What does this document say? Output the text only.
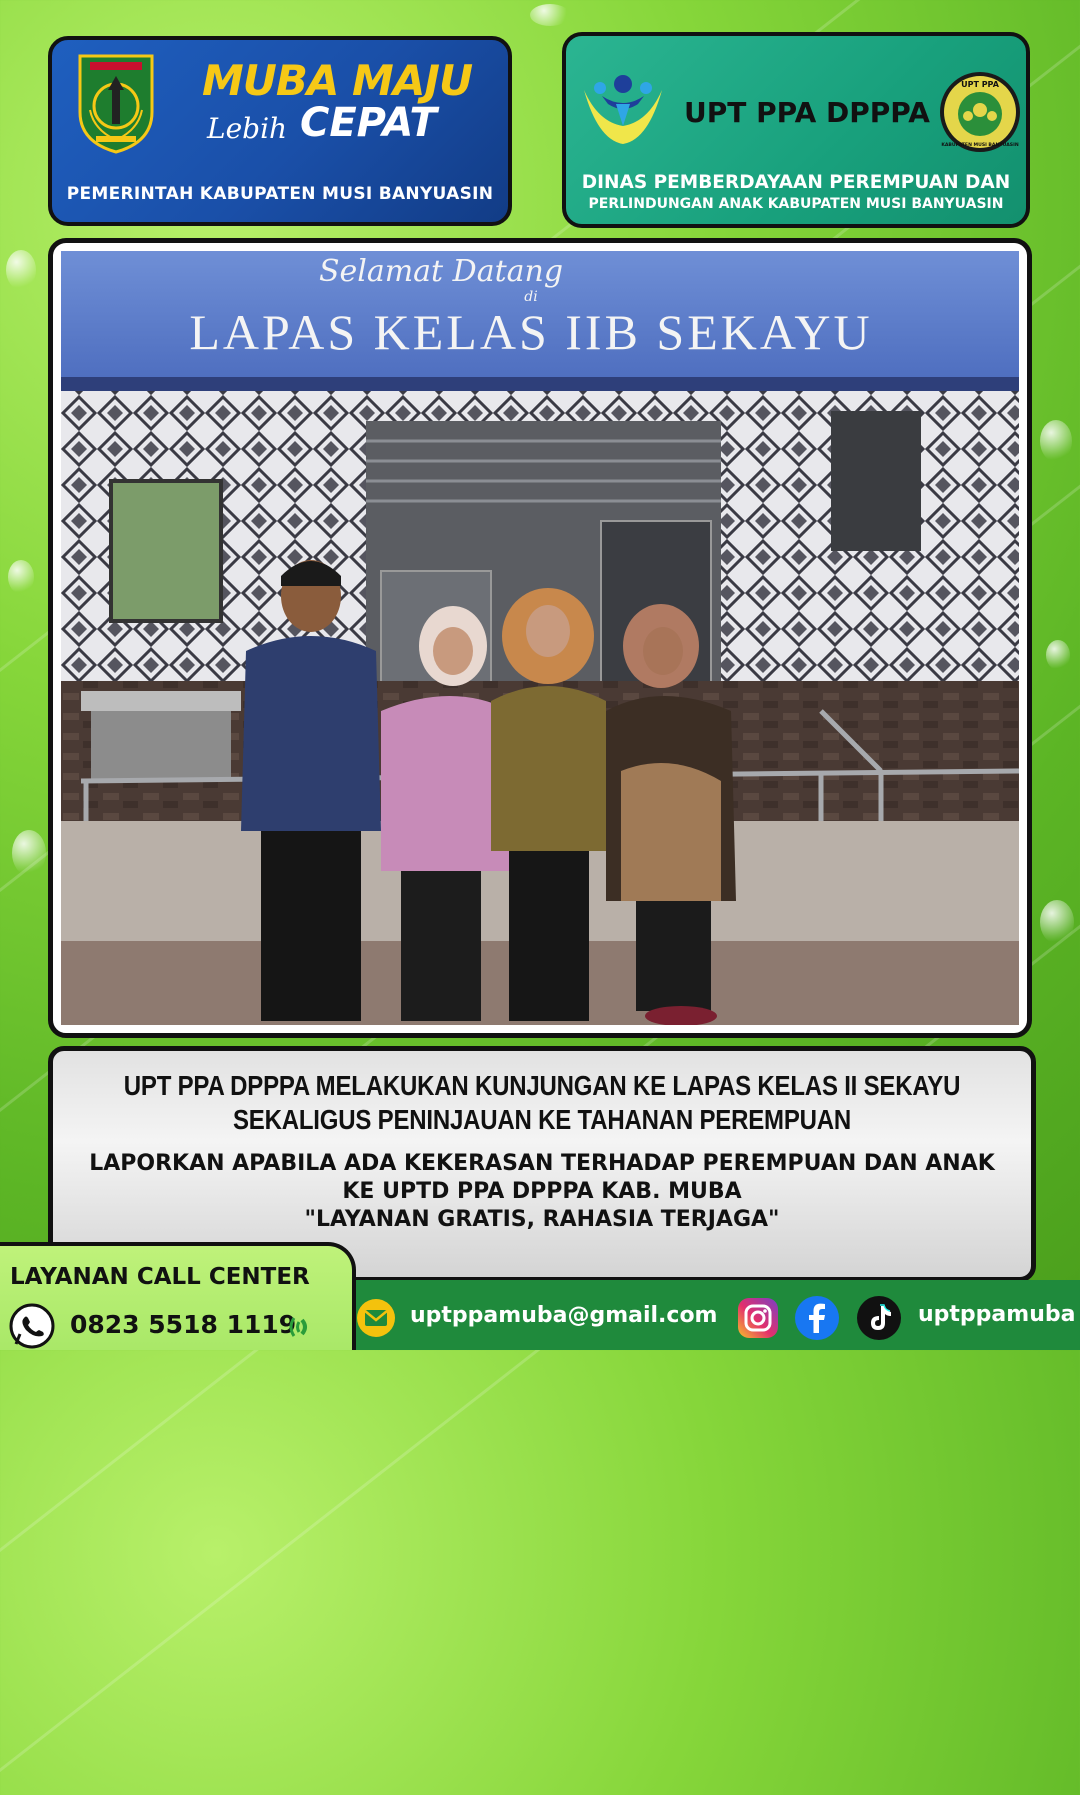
MUBA MAJU
Lebih CEPAT
PEMERINTAH KABUPATEN MUSI BANYUASIN
UPT PPA DPPPA
UPT PPA
KABUPATEN MUSI BANYUASIN
DINAS PEMBERDAYAAN PEREMPUAN DAN
PERLINDUNGAN ANAK KABUPATEN MUSI BANYUASIN
Selamat Datang
di
LAPAS KELAS IIB SEKAYU
UPT PPA DPPPA MELAKUKAN KUNJUNGAN KE LAPAS KELAS II SEKAYU
SEKALIGUS PENINJAUAN KE TAHANAN PEREMPUAN
LAPORKAN APABILA ADA KEKERASAN TERHADAP PEREMPUAN DAN ANAK
KE UPTD PPA DPPPA KAB. MUBA
"LAYANAN GRATIS, RAHASIA TERJAGA"
LAYANAN CALL CENTER
0823 5518 1119	uptppamuba@gmail.com	uptppamuba
